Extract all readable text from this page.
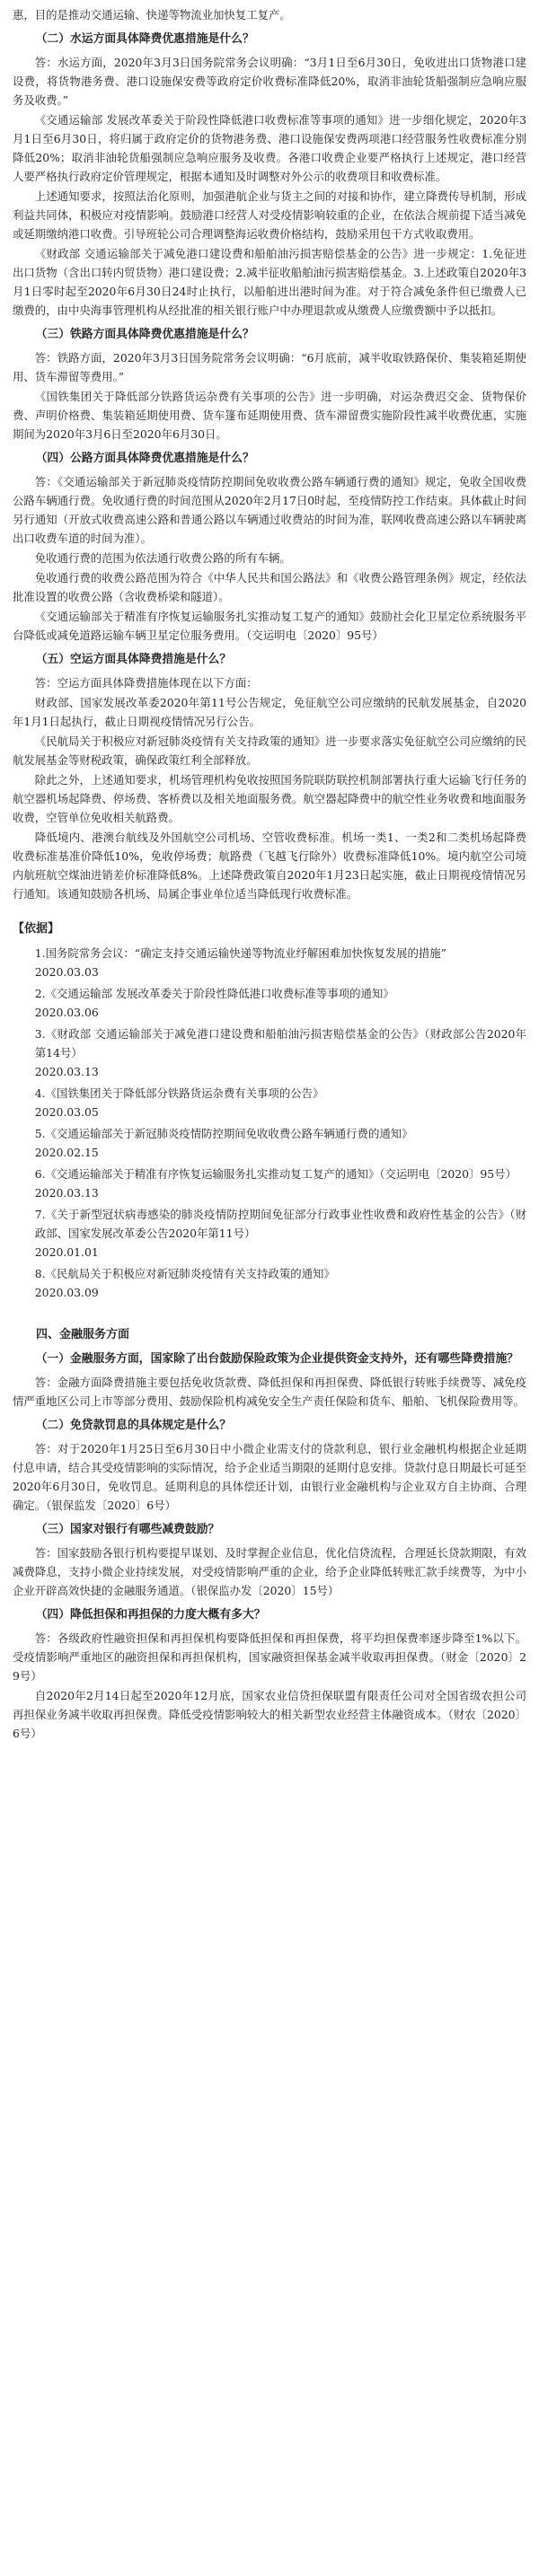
惠，目的是推动交通运输、快递等物流业加快复工复产。

（二）水运方面具体降费优惠措施是什么？

答：水运方面，2020年3月3日国务院常务会议明确：“3月1日至6月30日，免收进出口货物港口建设费，将货物港务费、港口设施保安费等政府定价收费标准降低20%，取消非油轮货船强制应急响应服务及收费。”

《交通运输部 发展改革委关于阶段性降低港口收费标准等事项的通知》进一步细化规定，2020年3月1日至6月30日，将归属于政府定价的货物港务费、港口设施保安费两项港口经营服务性收费标准分别降低20%；取消非油轮货船强制应急响应服务及收费。各港口收费企业要严格执行上述规定，港口经营人要严格执行政府定价管理规定，根据本通知及时调整对外公示的收费项目和收费标准。

上述通知要求，按照法治化原则，加强港航企业与货主之间的对接和协作，建立降费传导机制，形成利益共同体，积极应对疫情影响。鼓励港口经营人对受疫情影响较重的企业，在依法合规前提下适当减免或延期缴纳港口收费。引导班轮公司合理调整海运收费价格结构，鼓励采用包干方式收取费用。

《财政部 交通运输部关于减免港口建设费和船舶油污损害赔偿基金的公告》进一步规定：1.免征进出口货物（含出口转内贸货物）港口建设费；2.减半征收船舶油污损害赔偿基金。3.上述政策自2020年3月1日零时起至2020年6月30日24时止执行，以船舶进出港时间为准。对于符合减免条件但已缴费人已缴费的，由中央海事管理机构从经批准的相关银行账户中办理退款或从缴费人应缴费额中予以抵扣。

（三）铁路方面具体降费优惠措施是什么？

答：铁路方面，2020年3月3日国务院常务会议明确：“6月底前，减半收取铁路保价、集装箱延期使用、货车滞留等费用。”

《国铁集团关于降低部分铁路货运杂费有关事项的公告》进一步明确，对运杂费迟交金、货物保价费、声明价格费、集装箱延期使用费、货车篷布延期使用费、货车滞留费实施阶段性减半收费优惠，实施期间为2020年3月6日至2020年6月30日。

（四）公路方面具体降费优惠措施是什么？

答：《交通运输部关于新冠肺炎疫情防控期间免收收费公路车辆通行费的通知》规定，免收全国收费公路车辆通行费。免收通行费的时间范围从2020年2月17日0时起，至疫情防控工作结束。具体截止时间另行通知（开放式收费高速公路和普通公路以车辆通过收费站的时间为准，联网收费高速公路以车辆驶离出口收费车道的时间为准）。

免收通行费的范围为依法通行收费公路的所有车辆。

免收通行费的收费公路范围为符合《中华人民共和国公路法》和《收费公路管理条例》规定，经依法批准设置的收费公路（含收费桥梁和隧道）。

《交通运输部关于精准有序恢复运输服务扎实推动复工复产的通知》鼓励社会化卫星定位系统服务平台降低或减免道路运输车辆卫星定位服务费用。（交运明电〔2020〕95号）

（五）空运方面具体降费措施是什么？

答：空运方面具体降费措施体现在以下方面：

财政部、国家发展改革委2020年第11号公告规定，免征航空公司应缴纳的民航发展基金，自2020年1月1日起执行，截止日期视疫情情况另行公告。

《民航局关于积极应对新冠肺炎疫情有关支持政策的通知》进一步要求落实免征航空公司应缴纳的民航发展基金等财税政策，确保政策红利全部释放。

除此之外，上述通知要求，机场管理机构免收按照国务院联防联控机制部署执行重大运输飞行任务的航空器机场起降费、停场费、客桥费以及相关地面服务费。航空器起降费中的航空性业务收费和地面服务收费，空管单位免收相关航路费。

降低境内、港澳台航线及外国航空公司机场、空管收费标准。机场一类1、一类2和二类机场起降费收费标准基准价降低10%，免收停场费；航路费（飞越飞行除外）收费标准降低10%。境内航空公司境内航班航空煤油进销差价标准降低8%。上述降费政策自2020年1月23日起实施，截止日期视疫情情况另行通知。该通知鼓励各机场、局属企事业单位适当降低现行收费标准。

【依据】

1.国务院常务会议：“确定支持交通运输快递等物流业纾解困难加快恢复发展的措施”
2020.03.03

2.《交通运输部 发展改革委关于阶段性降低港口收费标准等事项的通知》
2020.03.06

3.《财政部 交通运输部关于减免港口建设费和船舶油污损害赔偿基金的公告》（财政部公告2020年第14号）
2020.03.13

4.《国铁集团关于降低部分铁路货运杂费有关事项的公告》
2020.03.05

5.《交通运输部关于新冠肺炎疫情防控期间免收收费公路车辆通行费的通知》
2020.02.15

6.《交通运输部关于精准有序恢复运输服务扎实推动复工复产的通知》（交运明电〔2020〕95号）
2020.03.13

7.《关于新型冠状病毒感染的肺炎疫情防控期间免征部分行政事业性收费和政府性基金的公告》（财政部、国家发展改革委公告2020年第11号）
2020.01.01

8.《民航局关于积极应对新冠肺炎疫情有关支持政策的通知》
2020.03.09

四、金融服务方面
（一）金融服务方面，国家除了出台鼓励保险政策为企业提供资金支持外，还有哪些降费措施？

答：金融方面降费措施主要包括免收货款费、降低担保和再担保费、降低银行转账手续费等、减免疫情严重地区公司上市等部分费用、鼓励保险机构减免安全生产责任保险和货车、船舶、飞机保险费用等。

（二）免贷款罚息的具体规定是什么？

答：对于2020年1月25日至6月30日中小微企业需支付的贷款利息，银行业金融机构根据企业延期付息申请，结合其受疫情影响的实际情况，给予企业适当期限的延期付息安排。贷款付息日期最长可延至2020年6月30日，免收罚息。延期利息的具体偿还计划，由银行业金融机构与企业双方自主协商、合理确定。（银保监发〔2020〕6号）

（三）国家对银行有哪些减费鼓励？

答：国家鼓励各银行机构要提早谋划、及时掌握企业信息，优化信贷流程，合理延长贷款期限，有效减费降息，支持小微企业持续发展，对受疫情影响严重的企业，给予企业降低转账汇款手续费等，为中小企业开辟高效快捷的金融服务通道。（银保监办发〔2020〕15号）

（四）降低担保和再担保的力度大概有多大？

答：各级政府性融资担保和再担保机构要降低担保和再担保费，将平均担保费率逐步降至1%以下。受疫情影响严重地区的融资担保和再担保机构，国家融资担保基金减半收取再担保费。（财金〔2020〕29号）

自2020年2月14日起至2020年12月底，国家农业信贷担保联盟有限责任公司对全国省级农担公司再担保业务减半收取再担保费。降低受疫情影响较大的相关新型农业经营主体融资成本。（财农〔2020〕6号）
